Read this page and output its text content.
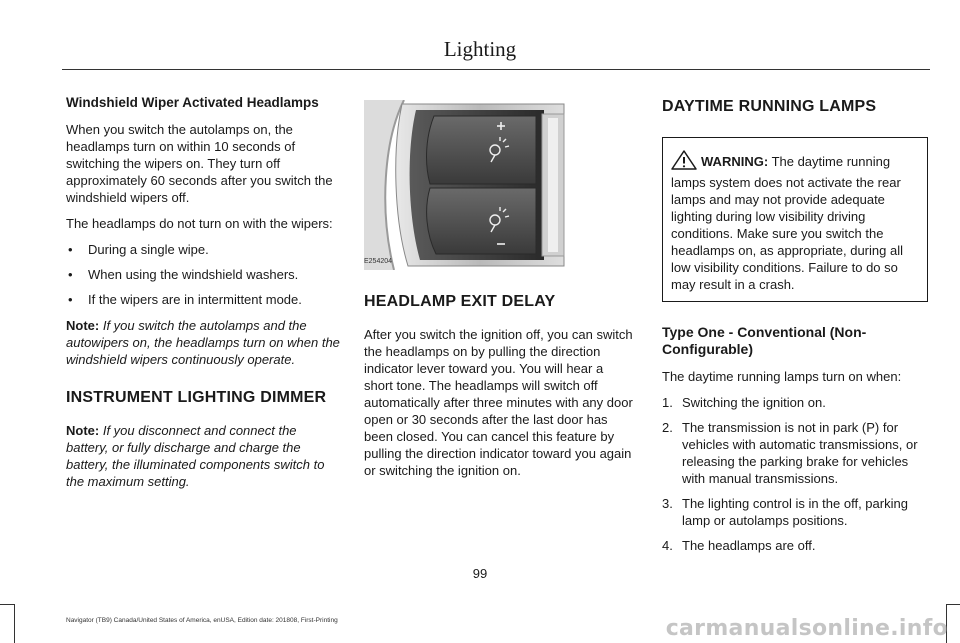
Lighting
Windshield Wiper Activated Headlamps

When you switch the autolamps on, the headlamps turn on within 10 seconds of switching the wipers on. They turn off approximately 60 seconds after you switch the windshield wipers off.

The headlamps do not turn on with the wipers:

• During a single wipe.
• When using the windshield washers.
• If the wipers are in intermittent mode.

Note: If you switch the autolamps and the autowipers on, the headlamps turn on when the windshield wipers continuously operate.

INSTRUMENT LIGHTING DIMMER

Note: If you disconnect and connect the battery, or fully discharge and charge the battery, the illuminated components switch to the maximum setting.

E254204
HEADLAMP EXIT DELAY

After you switch the ignition off, you can switch the headlamps on by pulling the direction indicator lever toward you. You will hear a short tone. The headlamps will switch off automatically after three minutes with any door open or 30 seconds after the last door has been closed. You can cancel this feature by pulling the direction indicator toward you again or switching the ignition on.

DAYTIME RUNNING LAMPS

WARNING: The daytime running lamps system does not activate the rear lamps and may not provide adequate lighting during low visibility driving conditions. Make sure you switch the headlamps on, as appropriate, during all low visibility conditions. Failure to do so may result in a crash.

Type One - Conventional (Non-Configurable)

The daytime running lamps turn on when:

1. Switching the ignition on.
2. The transmission is not in park (P) for vehicles with automatic transmissions, or releasing the parking brake for vehicles with manual transmissions.
3. The lighting control is in the off, parking lamp or autolamps positions.
4. The headlamps are off.
99
Navigator (TB9) Canada/United States of America, enUSA, Edition date: 201808, First-Printing	carmanualsonline.info
